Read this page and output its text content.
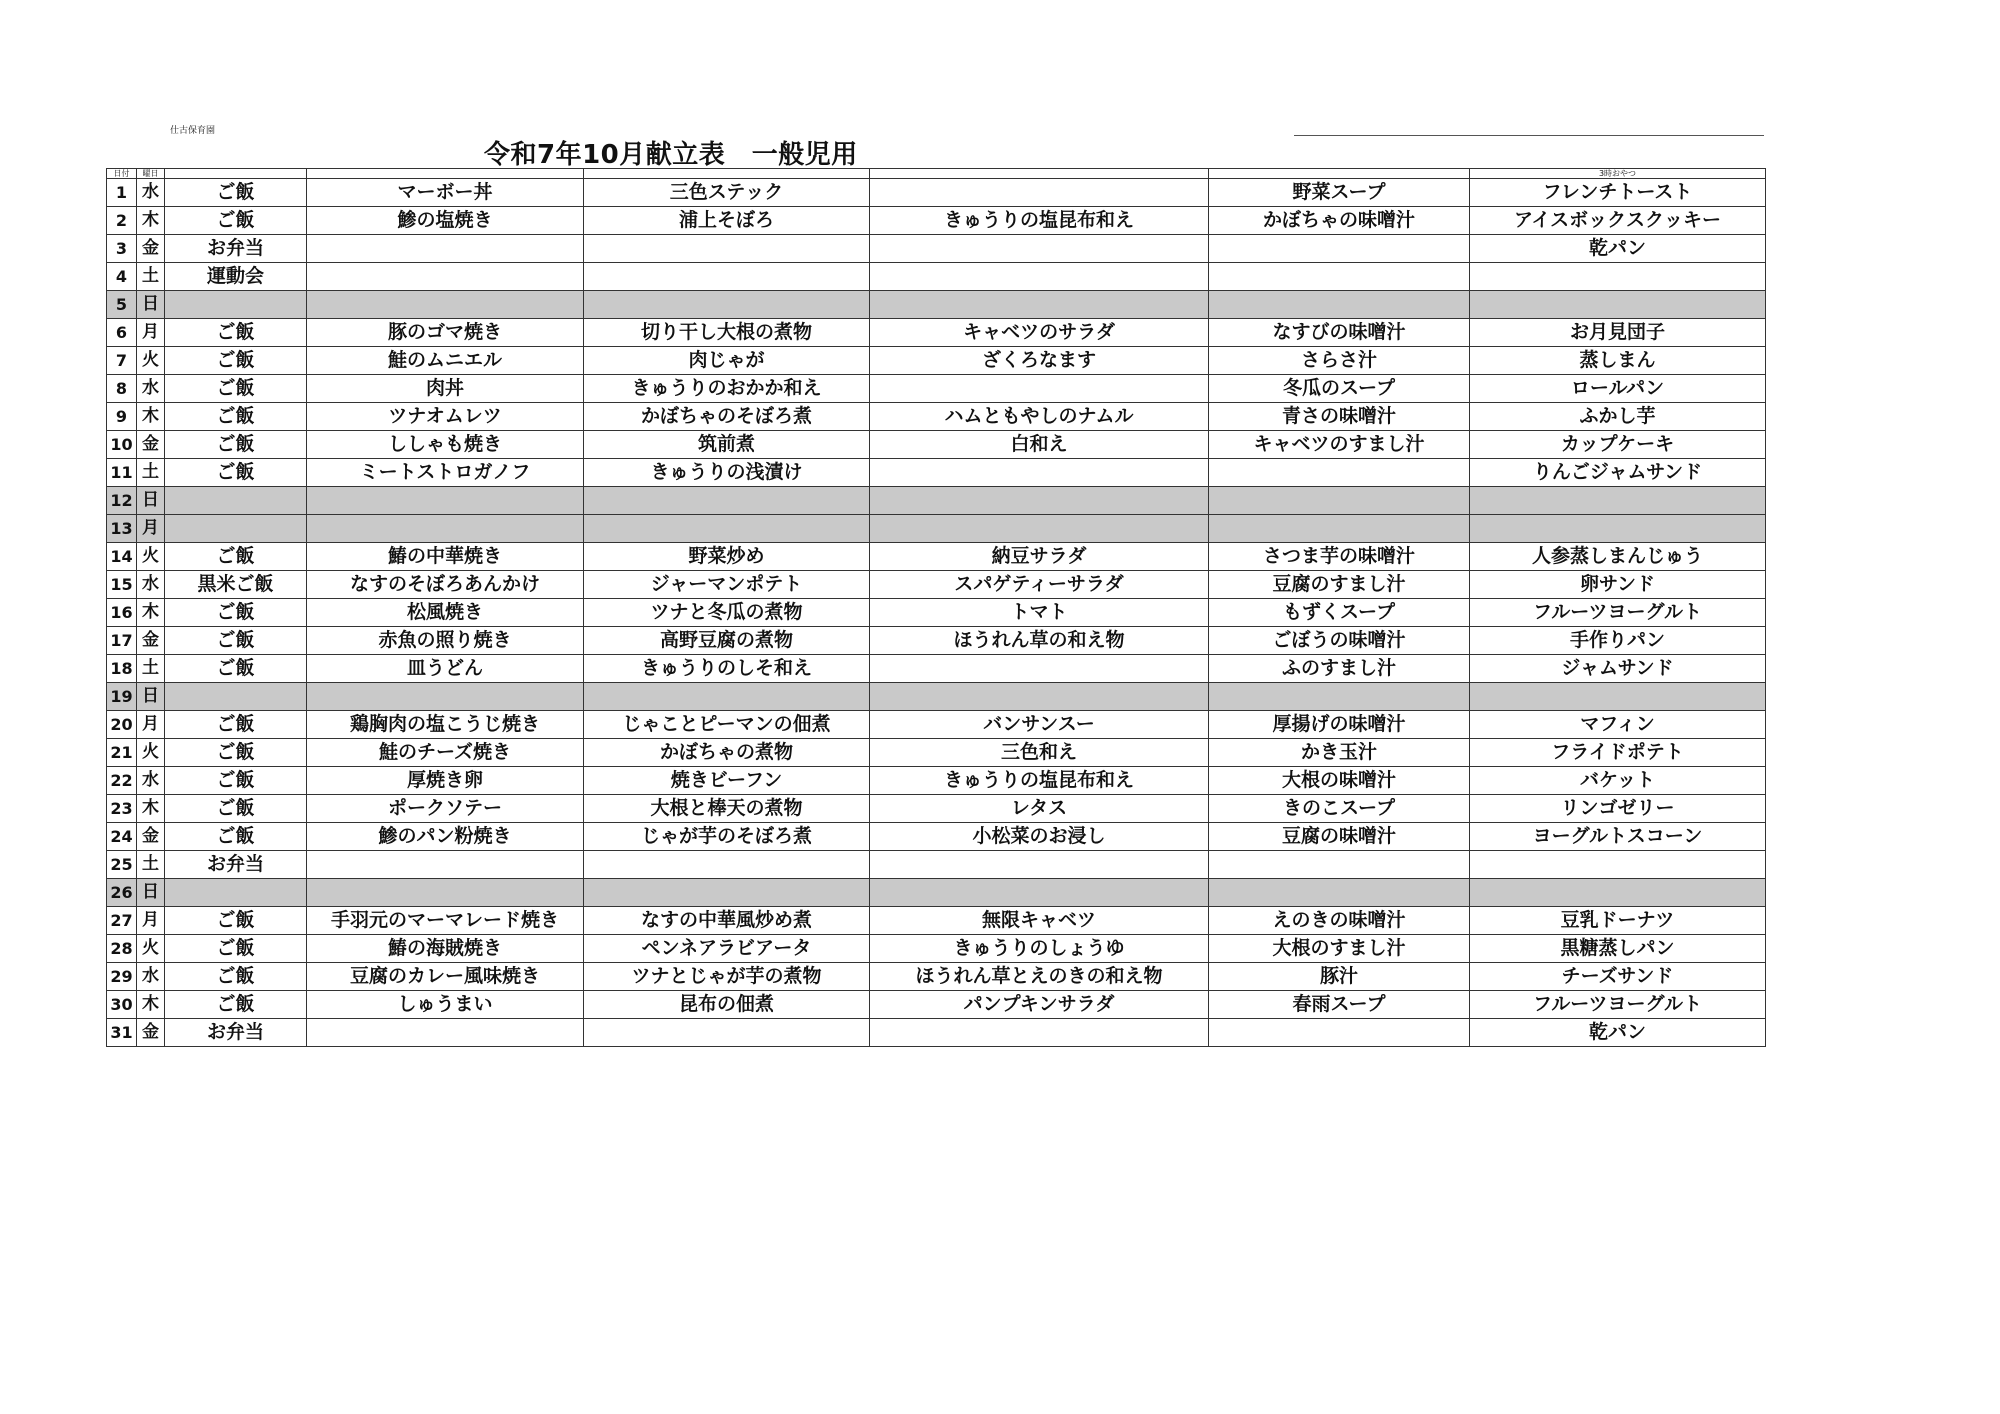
仕古保育園
令和7年10月献立表　一般児用
日付	曜日						3時おやつ
1	水	ご飯	マーボー丼	三色ステック		野菜スープ	フレンチトースト
2	木	ご飯	鯵の塩焼き	浦上そぼろ	きゅうりの塩昆布和え	かぼちゃの味噌汁	アイスボックスクッキー
3	金	お弁当					乾パン
4	土	運動会					
5	日						
6	月	ご飯	豚のゴマ焼き	切り干し大根の煮物	キャベツのサラダ	なすびの味噌汁	お月見団子
7	火	ご飯	鮭のムニエル	肉じゃが	ざくろなます	さらさ汁	蒸しまん
8	水	ご飯	肉丼	きゅうりのおかか和え		冬瓜のスープ	ロールパン
9	木	ご飯	ツナオムレツ	かぼちゃのそぼろ煮	ハムともやしのナムル	青さの味噌汁	ふかし芋
10	金	ご飯	ししゃも焼き	筑前煮	白和え	キャベツのすまし汁	カップケーキ
11	土	ご飯	ミートストロガノフ	きゅうりの浅漬け			りんごジャムサンド
12	日						
13	月						
14	火	ご飯	鰆の中華焼き	野菜炒め	納豆サラダ	さつま芋の味噌汁	人参蒸しまんじゅう
15	水	黒米ご飯	なすのそぼろあんかけ	ジャーマンポテト	スパゲティーサラダ	豆腐のすまし汁	卵サンド
16	木	ご飯	松風焼き	ツナと冬瓜の煮物	トマト	もずくスープ	フルーツヨーグルト
17	金	ご飯	赤魚の照り焼き	高野豆腐の煮物	ほうれん草の和え物	ごぼうの味噌汁	手作りパン
18	土	ご飯	皿うどん	きゅうりのしそ和え		ふのすまし汁	ジャムサンド
19	日						
20	月	ご飯	鶏胸肉の塩こうじ焼き	じゃことピーマンの佃煮	バンサンスー	厚揚げの味噌汁	マフィン
21	火	ご飯	鮭のチーズ焼き	かぼちゃの煮物	三色和え	かき玉汁	フライドポテト
22	水	ご飯	厚焼き卵	焼きビーフン	きゅうりの塩昆布和え	大根の味噌汁	バケット
23	木	ご飯	ポークソテー	大根と棒天の煮物	レタス	きのこスープ	リンゴゼリー
24	金	ご飯	鯵のパン粉焼き	じゃが芋のそぼろ煮	小松菜のお浸し	豆腐の味噌汁	ヨーグルトスコーン
25	土	お弁当					
26	日						
27	月	ご飯	手羽元のマーマレード焼き	なすの中華風炒め煮	無限キャベツ	えのきの味噌汁	豆乳ドーナツ
28	火	ご飯	鰆の海賊焼き	ペンネアラビアータ	きゅうりのしょうゆ	大根のすまし汁	黒糖蒸しパン
29	水	ご飯	豆腐のカレー風味焼き	ツナとじゃが芋の煮物	ほうれん草とえのきの和え物	豚汁	チーズサンド
30	木	ご飯	しゅうまい	昆布の佃煮	パンプキンサラダ	春雨スープ	フルーツヨーグルト
31	金	お弁当					乾パン
